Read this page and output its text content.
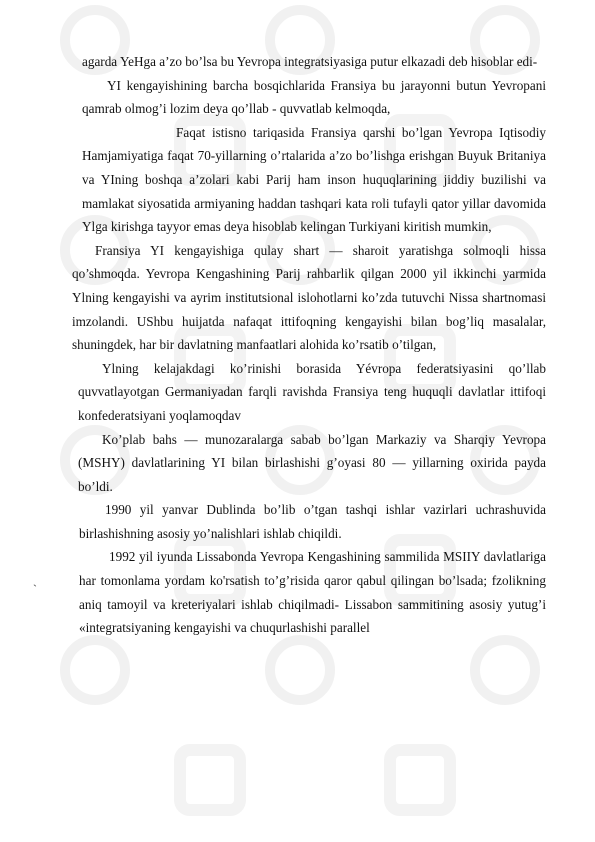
agarda YeHga a’zo bo’lsa bu Yevropa integratsiyasiga putur elkazadi deb hisoblar edi-

YI kengayishining barcha bosqichlarida Fransiya bu jarayonni butun Yevropani qamrab olmog’i lozim deya qo’llab - quvvatlab kelmoqda,

Faqat istisno tariqasida Fransiya qarshi bo’lgan Yevropa Iqtisodiy Hamjamiyatiga faqat 70-yillarning o’rtalarida a’zo bo’lishga erishgan Buyuk Britaniya va YIning boshqa a’zolari kabi Parij ham inson huquqlarining jiddiy buzilishi va mamlakat siyosatida armiyaning haddan tashqari kata roli tufayli qator yillar davomida Ylga kirishga tayyor emas deya hisoblab kelingan Turkiyani kiritish mumkin,

Fransiya YI kengayishiga qulay shart — sharoit yaratishga solmoqli hissa qo’shmoqda. Yevropa Kengashining Parij rahbarlik qilgan 2000 yil ikkinchi yarmida Ylning kengayishi va ayrim institutsional islohotlarni ko’zda tutuvchi Nissa shartnomasi imzolandi. UShbu huijatda nafaqat ittifoqning kengayishi bilan bog’liq masalalar, shuningdek, har bir davlatning manfaatlari alohida ko’rsatib o’tilgan,

Ylning kelajakdagi ko’rinishi borasida Yévropa federatsiyasini qo’llab quvvatlayotgan Germaniyadan farqli ravishda Fransiya teng huquqli davlatlar ittifoqi konfederatsiyani yoqlamoqdav

Ko’plab bahs — munozaralarga sabab bo’lgan Markaziy va Sharqiy Yevropa (MSHY) davlatlarining YI bilan birlashishi g’oyasi 80 — yillarning oxirida payda bo’ldi.

1990 yil yanvar Dublinda bo’lib o’tgan tashqi ishlar vazirlari uchrashuvida birlashishning asosiy yo’nalishlari ishlab chiqildi.

1992 yil iyunda Lissabonda Yevropa Kengashining sammilida MSIIY davlatlariga har tomonlama yordam ko'rsatish to’g’risida qaror qabul qilingan bo’lsada; fzolikning aniq tamoyil va kreteriyalari ishlab chiqilmadi- Lissabon sammitining asosiy yutug’i «integratsiyaning kengayishi va chuqurlashishi parallel

`
